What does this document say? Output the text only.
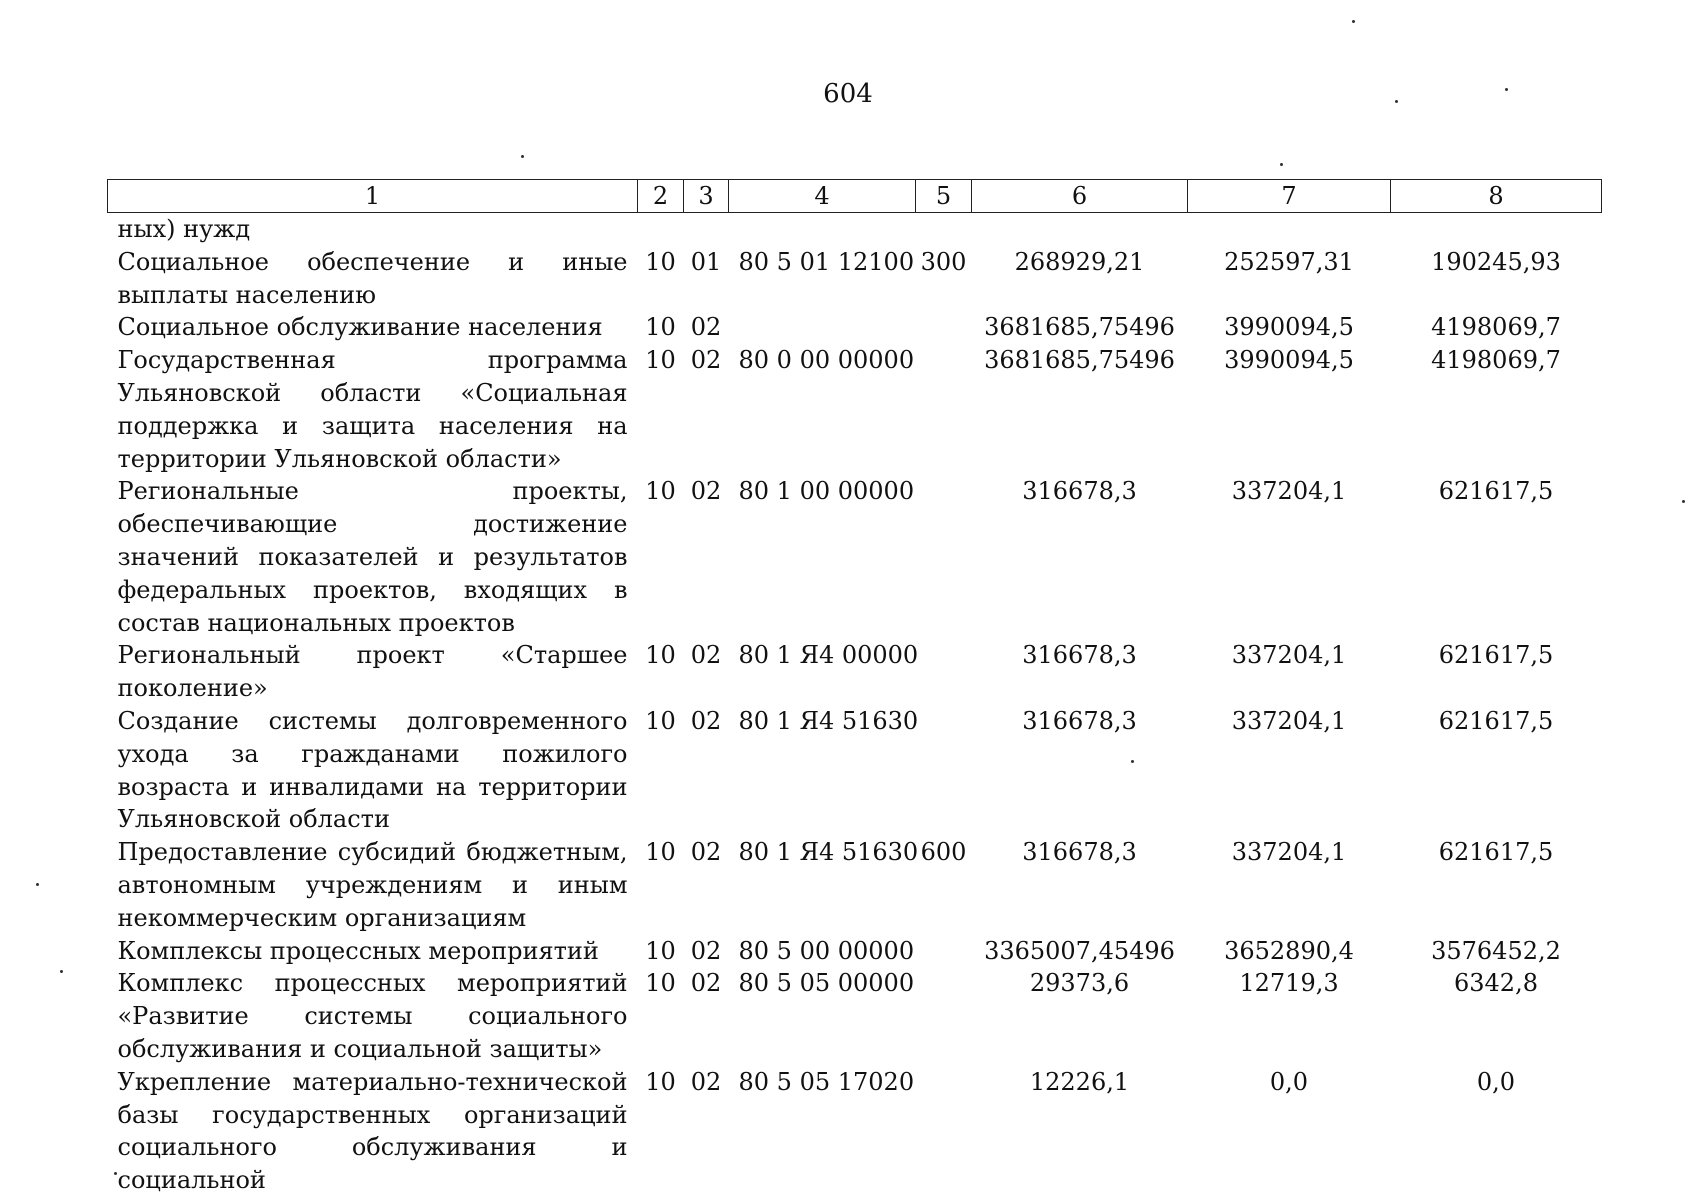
604
1	2	3	4	5	6	7	8
ных) нужд							
Социальное обеспечение и иные выплаты населению	10	01	80 5 01 12100	300	268929,21	252597,31	190245,93
Социальное обслуживание населения	10	02			3681685,75496	3990094,5	4198069,7
Государственная программа Ульяновской области «Социальная поддержка и защита населения на территории Ульяновской области»	10	02	80 0 00 00000		3681685,75496	3990094,5	4198069,7
Региональные проекты, обеспечивающие достижение значений показателей и результатов федеральных проектов, входящих в состав национальных проектов	10	02	80 1 00 00000		316678,3	337204,1	621617,5
Региональный проект «Старшее поколение»	10	02	80 1 Я4 00000		316678,3	337204,1	621617,5
Создание системы долговременного ухода за гражданами пожилого возраста и инвалидами на территории Ульяновской области	10	02	80 1 Я4 51630		316678,3	337204,1	621617,5
Предоставление субсидий бюджетным, автономным учреждениям и иным некоммерческим организациям	10	02	80 1 Я4 51630	600	316678,3	337204,1	621617,5
Комплексы процессных мероприятий	10	02	80 5 00 00000		3365007,45496	3652890,4	3576452,2
Комплекс процессных мероприятий «Развитие системы социального обслуживания и социальной защиты»	10	02	80 5 05 00000		29373,6	12719,3	6342,8
Укрепление материально-технической базы государственных организаций социального обслуживания и социальной	10	02	80 5 05 17020		12226,1	0,0	0,0
